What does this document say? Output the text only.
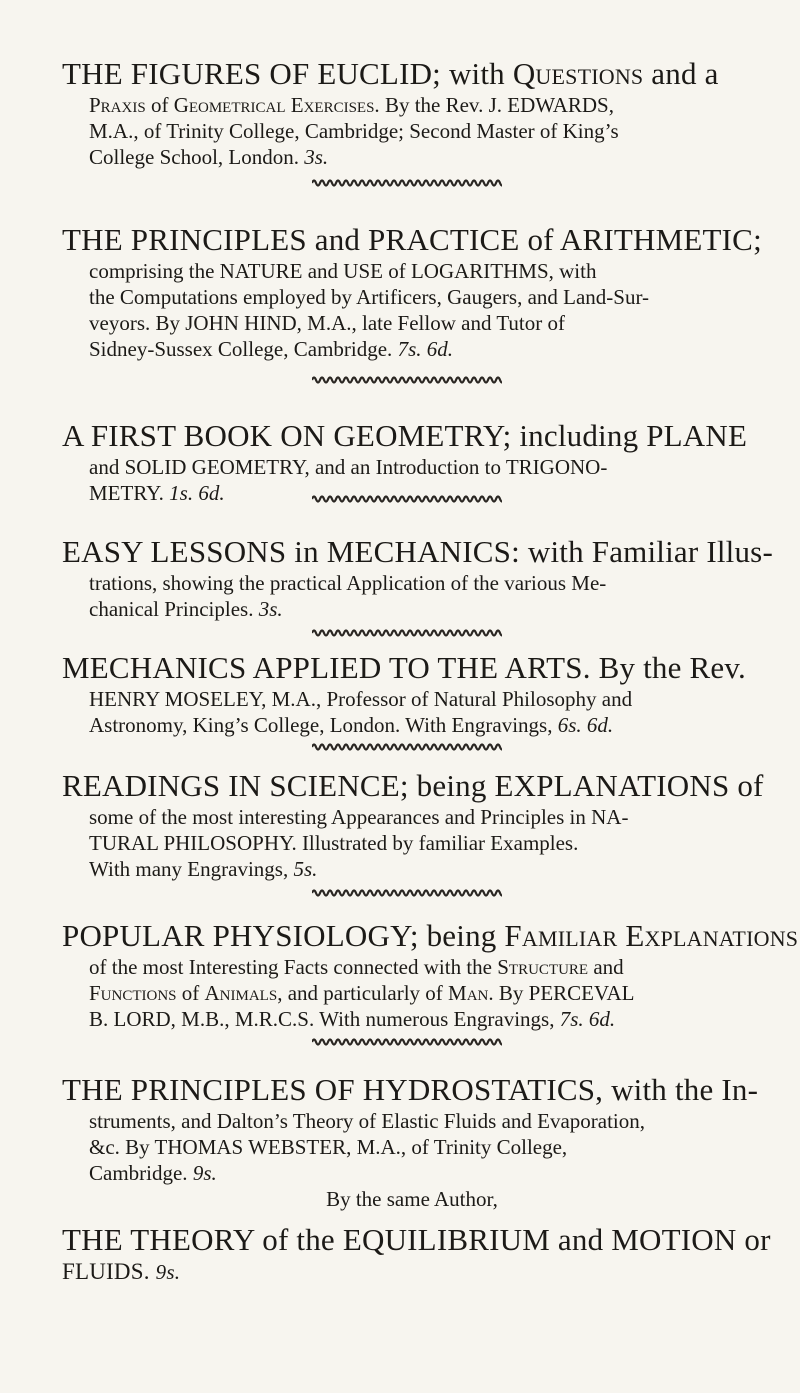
THE FIGURES OF EUCLID; with Questions and a
Praxis of Geometrical Exercises. By the Rev. J. EDWARDS,
M.A., of Trinity College, Cambridge; Second Master of King’s
College School, London. 3s.
THE PRINCIPLES and PRACTICE of ARITHMETIC;
comprising the NATURE and USE of LOGARITHMS, with
the Computations employed by Artificers, Gaugers, and Land-Sur-
veyors. By JOHN HIND, M.A., late Fellow and Tutor of
Sidney-Sussex College, Cambridge. 7s. 6d.
A FIRST BOOK ON GEOMETRY; including PLANE
and SOLID GEOMETRY, and an Introduction to TRIGONO-
METRY. 1s. 6d.
EASY LESSONS in MECHANICS: with Familiar Illus-
trations, showing the practical Application of the various Me-
chanical Principles. 3s.
MECHANICS APPLIED TO THE ARTS. By the Rev.
HENRY MOSELEY, M.A., Professor of Natural Philosophy and
Astronomy, King’s College, London. With Engravings, 6s. 6d.
READINGS IN SCIENCE; being EXPLANATIONS of
some of the most interesting Appearances and Principles in NA-
TURAL PHILOSOPHY. Illustrated by familiar Examples.
With many Engravings, 5s.
POPULAR PHYSIOLOGY; being Familiar Explanations
of the most Interesting Facts connected with the Structure and
Functions of Animals, and particularly of Man. By PERCEVAL
B. LORD, M.B., M.R.C.S. With numerous Engravings, 7s. 6d.
THE PRINCIPLES OF HYDROSTATICS, with the In-
struments, and Dalton’s Theory of Elastic Fluids and Evaporation,
&c. By THOMAS WEBSTER, M.A., of Trinity College,
Cambridge. 9s.
By the same Author,
THE THEORY of the EQUILIBRIUM and MOTION or
FLUIDS. 9s.
